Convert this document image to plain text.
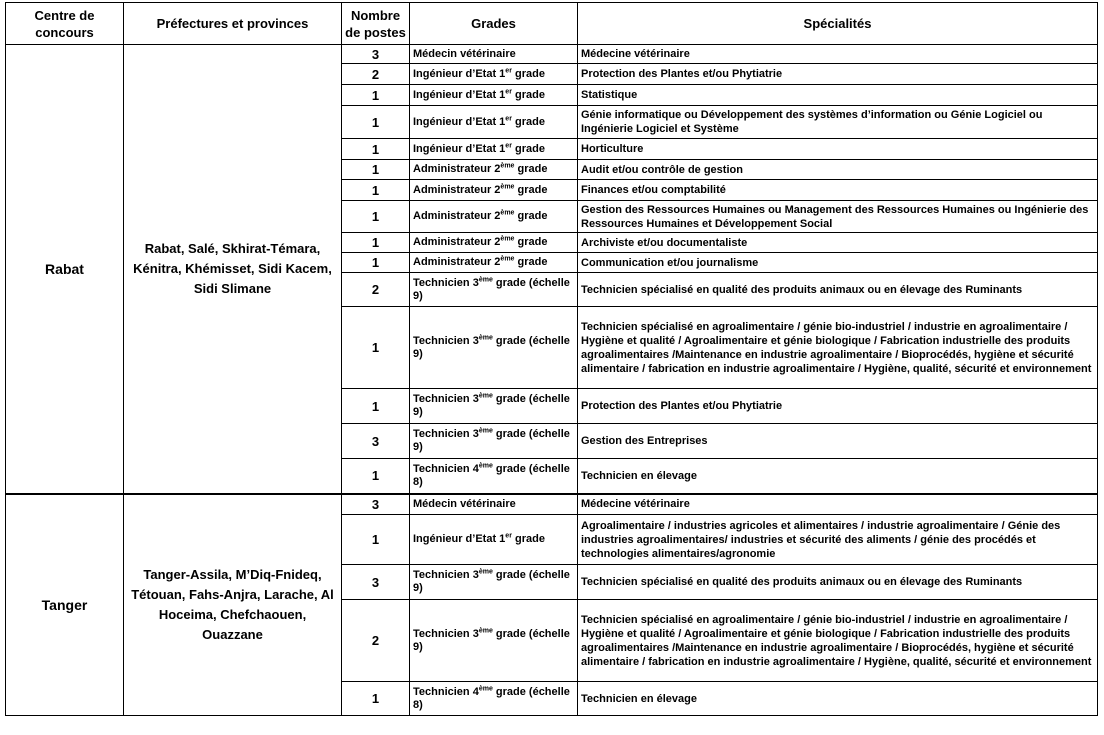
Centre de concours	Préfectures et provinces	Nombre de postes	Grades	Spécialités
Rabat	Rabat, Salé, Skhirat-Témara, Kénitra, Khémisset, Sidi Kacem, Sidi Slimane	3	Médecin vétérinaire	Médecine vétérinaire
		2	Ingénieur d’Etat 1er grade	Protection des Plantes et/ou Phytiatrie
		1	Ingénieur d’Etat 1er grade	Statistique
		1	Ingénieur d’Etat 1er grade	Génie informatique ou Développement des systèmes d’information ou Génie Logiciel ou Ingénierie Logiciel et Système
		1	Ingénieur d’Etat 1er grade	Horticulture
		1	Administrateur 2ème grade	Audit et/ou contrôle de gestion
		1	Administrateur 2ème grade	Finances et/ou comptabilité
		1	Administrateur 2ème grade	Gestion des Ressources Humaines ou Management des Ressources Humaines ou Ingénierie des Ressources Humaines et Développement Social
		1	Administrateur 2ème grade	Archiviste et/ou documentaliste
		1	Administrateur 2ème grade	Communication et/ou journalisme
		2	Technicien 3ème grade (échelle 9)	Technicien spécialisé en qualité des produits animaux ou en élevage des Ruminants
		1	Technicien 3ème grade (échelle 9)	Technicien spécialisé en agroalimentaire / génie bio-industriel / industrie en agroalimentaire / Hygiène et qualité / Agroalimentaire et génie biologique / Fabrication industrielle des produits agroalimentaires /Maintenance en industrie agroalimentaire / Bioprocédés, hygiène et sécurité alimentaire / fabrication en industrie agroalimentaire / Hygiène, qualité, sécurité et environnement
		1	Technicien 3ème grade (échelle 9)	Protection des Plantes et/ou Phytiatrie
		3	Technicien 3ème grade (échelle 9)	Gestion des Entreprises
		1	Technicien 4ème grade (échelle 8)	Technicien en élevage
Tanger	Tanger-Assila, M’Diq-Fnideq, Tétouan, Fahs-Anjra, Larache, Al Hoceima, Chefchaouen, Ouazzane	3	Médecin vétérinaire	Médecine vétérinaire
		1	Ingénieur d’Etat 1er grade	Agroalimentaire / industries agricoles et alimentaires / industrie agroalimentaire / Génie des industries agroalimentaires/ industries et sécurité des aliments / génie des procédés et technologies alimentaires/agronomie
		3	Technicien 3ème grade (échelle 9)	Technicien spécialisé en qualité des produits animaux ou en élevage des Ruminants
		2	Technicien 3ème grade (échelle 9)	Technicien spécialisé en agroalimentaire / génie bio-industriel / industrie en agroalimentaire / Hygiène et qualité / Agroalimentaire et génie biologique / Fabrication industrielle des produits agroalimentaires /Maintenance en industrie agroalimentaire / Bioprocédés, hygiène et sécurité alimentaire / fabrication en industrie agroalimentaire / Hygiène, qualité, sécurité et environnement
		1	Technicien 4ème grade (échelle 8)	Technicien en élevage
